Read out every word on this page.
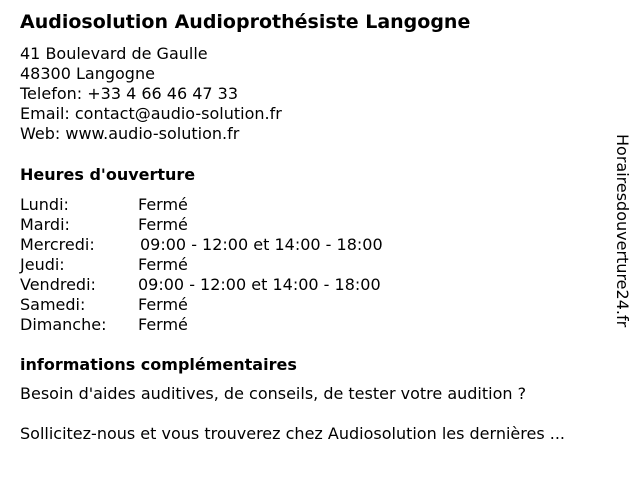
Audiosolution Audioprothésiste Langogne
41 Boulevard de Gaulle
48300 Langogne
Telefon: +33 4 66 46 47 33
Email: contact@audio-solution.fr
Web: www.audio-solution.fr
Heures d'ouverture
Lundi:	Fermé
Mardi:	Fermé
Mercredi:	09:00 - 12:00 et 14:00 - 18:00
Jeudi:	Fermé
Vendredi:	09:00 - 12:00 et 14:00 - 18:00
Samedi:	Fermé
Dimanche: Fermé
informations complémentaires
Besoin d'aides auditives, de conseils, de tester votre audition ?
Sollicitez-nous et vous trouverez chez Audiosolution les dernières ...
Horairesdouverture24.fr
